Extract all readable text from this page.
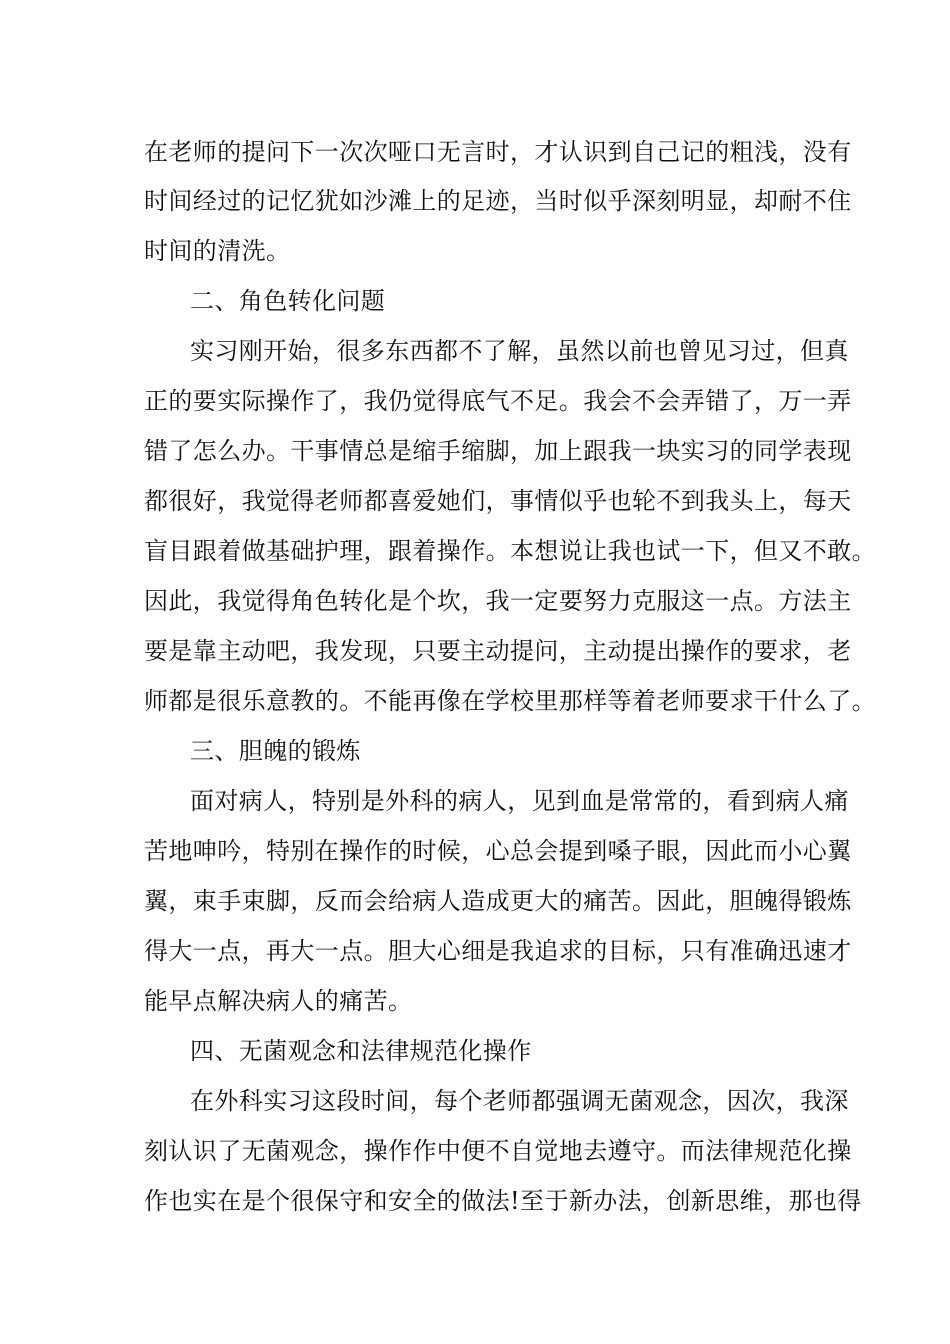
在老师的提问下一次次哑口无言时，才认识到自己记的粗浅，没有
时间经过的记忆犹如沙滩上的足迹，当时似乎深刻明显，却耐不住
时间的清洗。
二、角色转化问题
实习刚开始，很多东西都不了解，虽然以前也曾见习过，但真
正的要实际操作了，我仍觉得底气不足。我会不会弄错了，万一弄
错了怎么办。干事情总是缩手缩脚，加上跟我一块实习的同学表现
都很好，我觉得老师都喜爱她们，事情似乎也轮不到我头上，每天
盲目跟着做基础护理，跟着操作。本想说让我也试一下，但又不敢。
因此，我觉得角色转化是个坎，我一定要努力克服这一点。方法主
要是靠主动吧，我发现，只要主动提问，主动提出操作的要求，老
师都是很乐意教的。不能再像在学校里那样等着老师要求干什么了。
三、胆魄的锻炼
面对病人，特别是外科的病人，见到血是常常的，看到病人痛
苦地呻吟，特别在操作的时候，心总会提到嗓子眼，因此而小心翼
翼，束手束脚，反而会给病人造成更大的痛苦。因此，胆魄得锻炼
得大一点，再大一点。胆大心细是我追求的目标，只有准确迅速才
能早点解决病人的痛苦。
四、无菌观念和法律规范化操作
在外科实习这段时间，每个老师都强调无菌观念，因次，我深
刻认识了无菌观念，操作作中便不自觉地去遵守。而法律规范化操
作也实在是个很保守和安全的做法!至于新办法，创新思维，那也得
